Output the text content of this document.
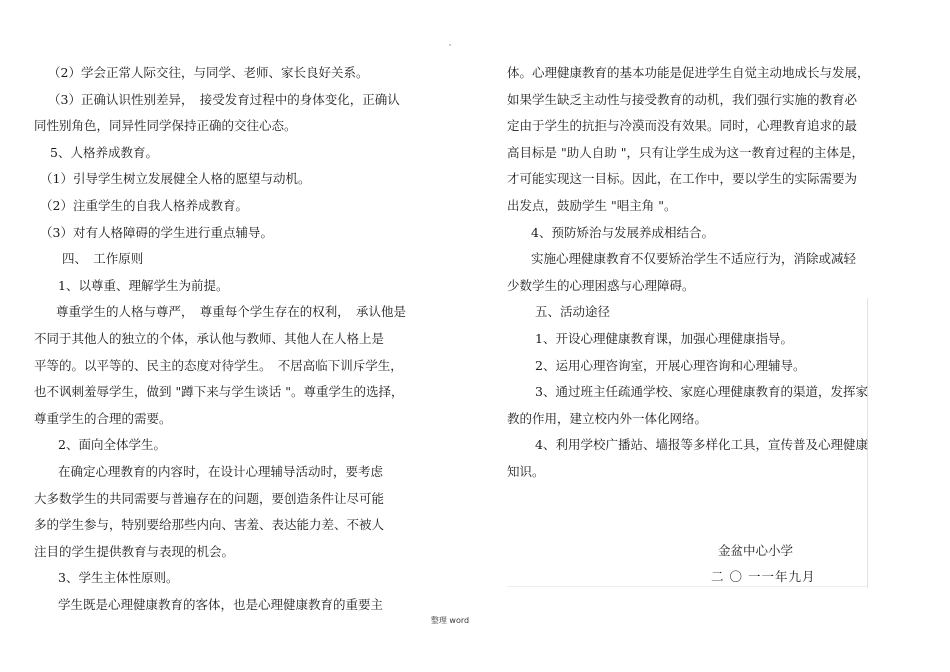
（2）学会正常人际交往，与同学、老师、家长良好关系。
（3）正确认识性别差异，　接受发育过程中的身体变化，正确认
同性别角色，同异性同学保持正确的交往心态。
5、人格养成教育。
（1）引导学生树立发展健全人格的愿望与动机。
（2）注重学生的自我人格养成教育。
（3）对有人格障碍的学生进行重点辅导。
四、　工作原则
1、以尊重、理解学生为前提。
尊重学生的人格与尊严，　尊重每个学生存在的权利，　承认他是
不同于其他人的独立的个体，承认他与教师、其他人在人格上是
平等的。以平等的、民主的态度对待学生。　不居高临下训斥学生，
也不讽刺羞辱学生，做到 "蹲下来与学生谈话 "。尊重学生的选择，
尊重学生的合理的需要。
2、面向全体学生。
在确定心理教育的内容时，在设计心理辅导活动时，要考虑
大多数学生的共同需要与普遍存在的问题，要创造条件让尽可能
多的学生参与，特别要给那些内向、害羞、表达能力差、不被人
注目的学生提供教育与表现的机会。
3、学生主体性原则。
学生既是心理健康教育的客体，也是心理健康教育的重要主
体。心理健康教育的基本功能是促进学生自觉主动地成长与发展，
如果学生缺乏主动性与接受教育的动机，我们强行实施的教育必
定由于学生的抗拒与冷漠而没有效果。同时，心理教育追求的最
高目标是 "助人自助 "，只有让学生成为这一教育过程的主体是，
才可能实现这一目标。因此，在工作中，要以学生的实际需要为
出发点，鼓励学生 "唱主角 "。
4、预防矫治与发展养成相结合。
实施心理健康教育不仅要矫治学生不适应行为，消除或减轻
少数学生的心理困惑与心理障碍。
五、活动途径
1、开设心理健康教育课，加强心理健康指导。
2、运用心理咨询室，开展心理咨询和心理辅导。
3、通过班主任疏通学校、家庭心理健康教育的渠道，发挥家
教的作用，建立校内外一体化网络。
4、利用学校广播站、墙报等多样化工具，宣传普及心理健康
知识。
金盆中心小学
二 〇 一一年九月
整理 word
